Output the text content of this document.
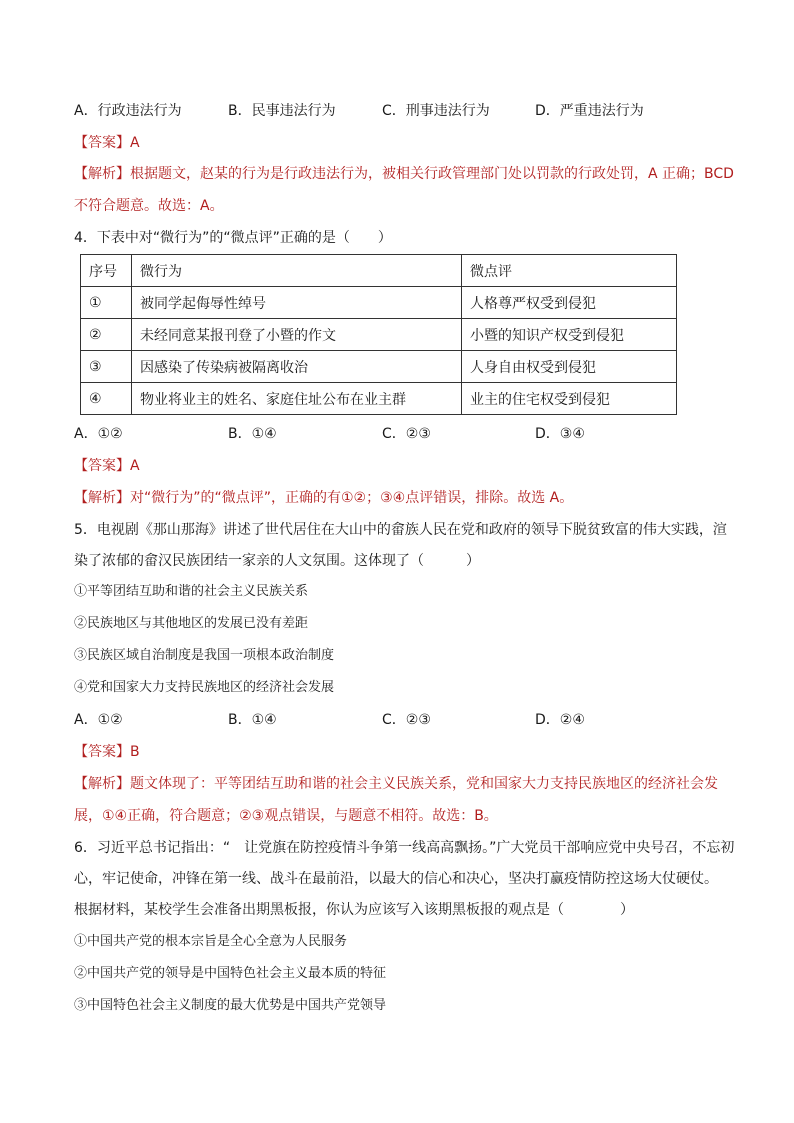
A．行政违法行为	B．民事违法行为	C．刑事违法行为	D．严重违法行为
【答案】A
【解析】根据题文，赵某的行为是行政违法行为，被相关行政管理部门处以罚款的行政处罚，A 正确；BCD
不符合题意。故选：A。
4．下表中对“微行为”的“微点评”正确的是（　　）
序号	微行为	微点评
①	被同学起侮辱性绰号	人格尊严权受到侵犯
②	未经同意某报刊登了小暨的作文	小暨的知识产权受到侵犯
③	因感染了传染病被隔离收治	人身自由权受到侵犯
④	物业将业主的姓名、家庭住址公布在业主群	业主的住宅权受到侵犯
A．①②	B．①④	C．②③	D．③④
【答案】A
【解析】对“微行为”的“微点评”，正确的有①②；③④点评错误，排除。故选 A。
5．电视剧《那山那海》讲述了世代居住在大山中的畲族人民在党和政府的领导下脱贫致富的伟大实践，渲
染了浓郁的畲汉民族团结一家亲的人文氛围。这体现了（　　　）
①平等团结互助和谐的社会主义民族关系
②民族地区与其他地区的发展已没有差距
③民族区域自治制度是我国一项根本政治制度
④党和国家大力支持民族地区的经济社会发展
A．①②	B．①④	C．②③	D．②④
【答案】B
【解析】题文体现了：平等团结互助和谐的社会主义民族关系，党和国家大力支持民族地区的经济社会发
展，①④正确，符合题意；②③观点错误，与题意不相符。故选：B。
6．习近平总书记指出：“　让党旗在防控疫情斗争第一线高高飘扬。”广大党员干部响应党中央号召，不忘初
心，牢记使命，冲锋在第一线、战斗在最前沿，以最大的信心和决心，坚决打赢疫情防控这场大仗硬仗。
根据材料，某校学生会准备出期黑板报，你认为应该写入该期黑板报的观点是（　　　　）
①中国共产党的根本宗旨是全心全意为人民服务
②中国共产党的领导是中国特色社会主义最本质的特征
③中国特色社会主义制度的最大优势是中国共产党领导
